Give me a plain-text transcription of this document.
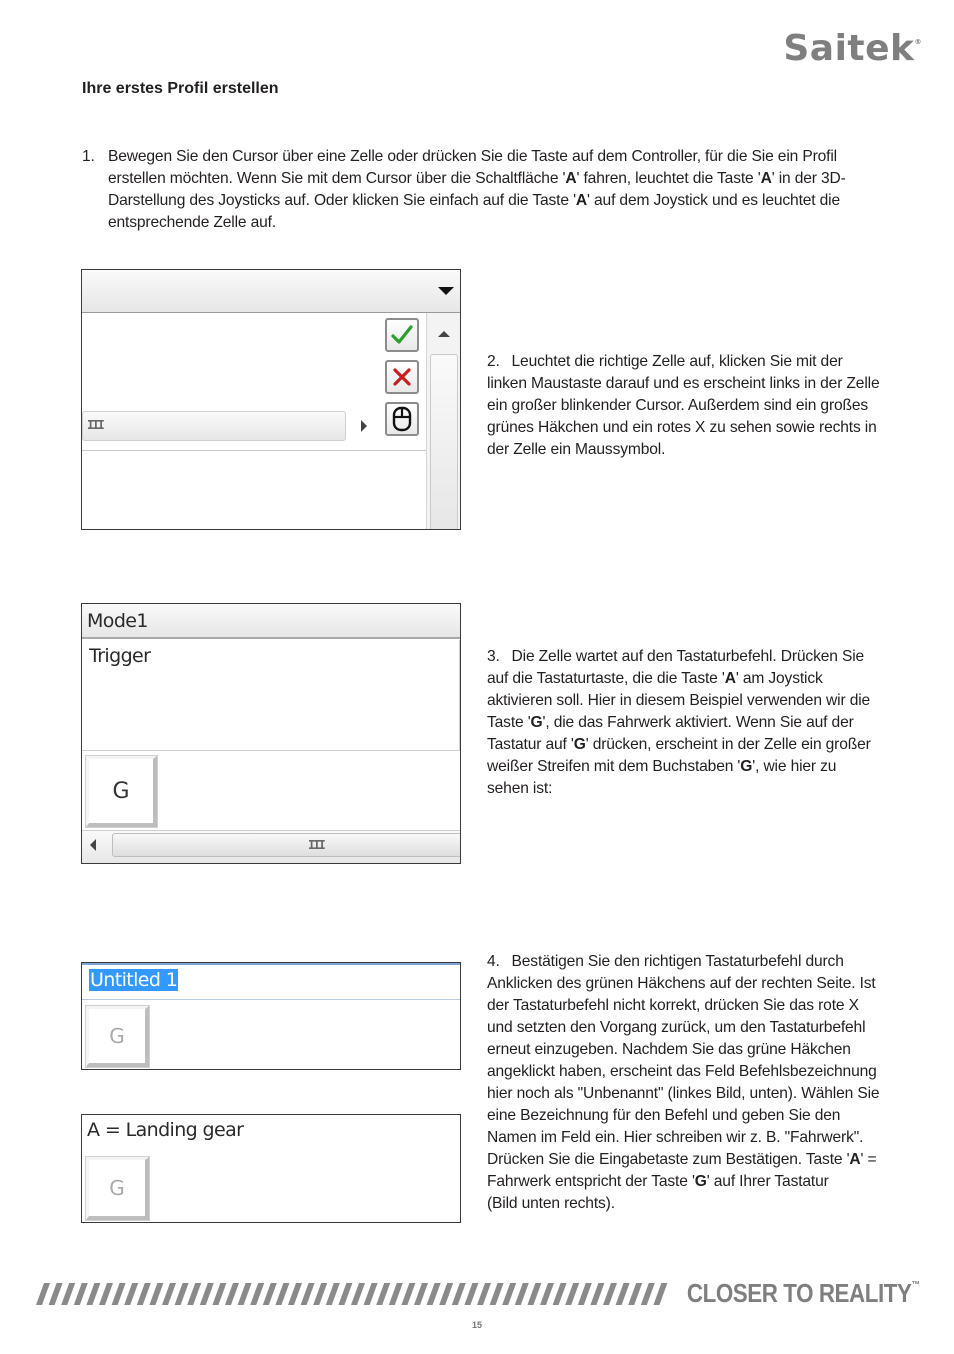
Saitek®
Ihre erstes Profil erstellen
1. Bewegen Sie den Cursor über eine Zelle oder drücken Sie die Taste auf dem Controller, für die Sie ein Profil erstellen möchten. Wenn Sie mit dem Cursor über die Schaltfläche 'A' fahren, leuchtet die Taste 'A' in der 3D-Darstellung des Joysticks auf. Oder klicken Sie einfach auf die Taste 'A' auf dem Joystick und es leuchtet die entsprechende Zelle auf.
III
2.  Leuchtet die richtige Zelle auf, klicken Sie mit der linken Maustaste darauf und es erscheint links in der Zelle ein großer blinkender Cursor. Außerdem sind ein großes grünes Häkchen und ein rotes X zu sehen sowie rechts in der Zelle ein Maussymbol.
Mode1
Trigger
G
III
3.  Die Zelle wartet auf den Tastaturbefehl. Drücken Sie auf die Tastaturtaste, die die Taste 'A' am Joystick aktivieren soll. Hier in diesem Beispiel verwenden wir die Taste 'G', die das Fahrwerk aktiviert. Wenn Sie auf der Tastatur auf 'G' drücken, erscheint in der Zelle ein großer weißer Streifen mit dem Buchstaben 'G', wie hier zu sehen ist:
Untitled 1
G
A = Landing gear
G
4.  Bestätigen Sie den richtigen Tastaturbefehl durch Anklicken des grünen Häkchens auf der rechten Seite. Ist der Tastaturbefehl nicht korrekt, drücken Sie das rote X und setzten den Vorgang zurück, um den Tastaturbefehl erneut einzugeben. Nachdem Sie das grüne Häkchen angeklickt haben, erscheint das Feld Befehlsbezeichnung hier noch als "Unbenannt" (linkes Bild, unten). Wählen Sie eine Bezeichnung für den Befehl und geben Sie den Namen im Feld ein. Hier schreiben wir z. B. "Fahrwerk". Drücken Sie die Eingabetaste zum Bestätigen. Taste 'A' = Fahrwerk entspricht der Taste 'G' auf Ihrer Tastatur
(Bild unten rechts).
CLOSER TO REALITY™
15
